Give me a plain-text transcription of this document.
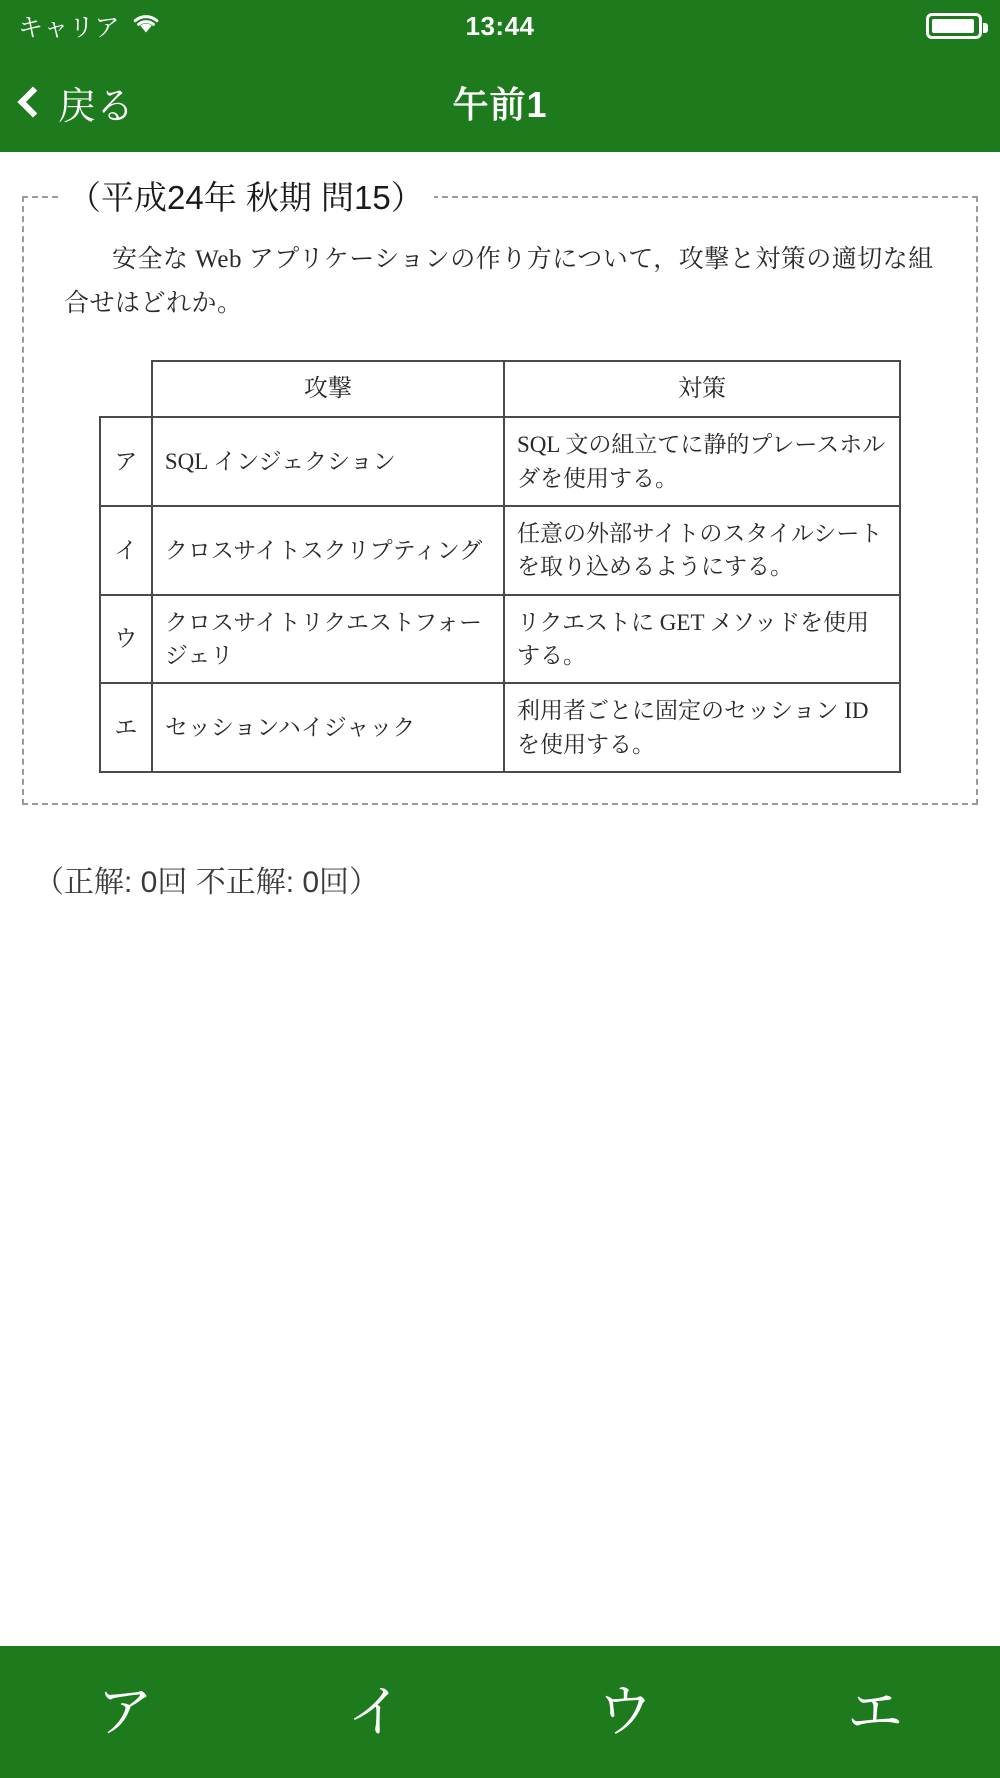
キャリア	13:44
戻る	午前1
（平成24年 秋期 問15）

安全な Web アプリケーションの作り方について，攻撃と対策の適切な組合せはどれか。

	攻撃	対策
ア	SQL インジェクション	SQL 文の組立てに静的プレースホルダを使用する。
イ	クロスサイトスクリプティング	任意の外部サイトのスタイルシートを取り込めるようにする。
ウ	クロスサイトリクエストフォージェリ	リクエストに GET メソッドを使用する。
エ	セッションハイジャック	利用者ごとに固定のセッション ID を使用する。
（正解: 0回 不正解: 0回）
ア	イ	ウ	エ
